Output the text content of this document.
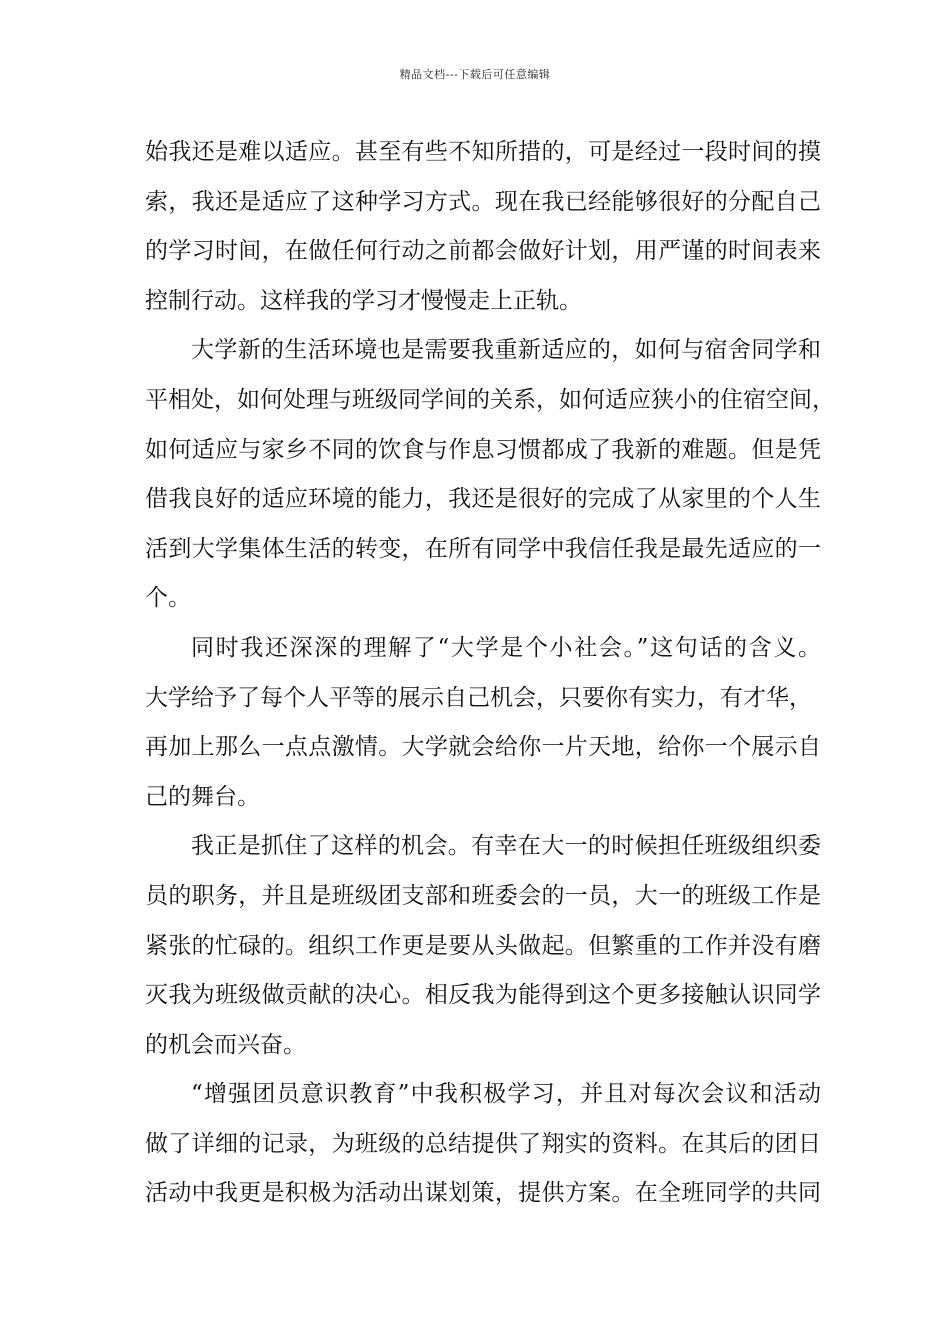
精品文档---下载后可任意编辑
始我还是难以适应。甚至有些不知所措的，可是经过一段时间的摸
索，我还是适应了这种学习方式。现在我已经能够很好的分配自己
的学习时间，在做任何行动之前都会做好计划，用严谨的时间表来
控制行动。这样我的学习才慢慢走上正轨。
大学新的生活环境也是需要我重新适应的，如何与宿舍同学和
平相处，如何处理与班级同学间的关系，如何适应狭小的住宿空间，
如何适应与家乡不同的饮食与作息习惯都成了我新的难题。但是凭
借我良好的适应环境的能力，我还是很好的完成了从家里的个人生
活到大学集体生活的转变，在所有同学中我信任我是最先适应的一
个。
同时我还深深的理解了“大学是个小社会。”这句话的含义。
大学给予了每个人平等的展示自己机会，只要你有实力，有才华，
再加上那么一点点激情。大学就会给你一片天地，给你一个展示自
己的舞台。
我正是抓住了这样的机会。有幸在大一的时候担任班级组织委
员的职务，并且是班级团支部和班委会的一员，大一的班级工作是
紧张的忙碌的。组织工作更是要从头做起。但繁重的工作并没有磨
灭我为班级做贡献的决心。相反我为能得到这个更多接触认识同学
的机会而兴奋。
“增强团员意识教育”中我积极学习，并且对每次会议和活动
做了详细的记录，为班级的总结提供了翔实的资料。在其后的团日
活动中我更是积极为活动出谋划策，提供方案。在全班同学的共同
